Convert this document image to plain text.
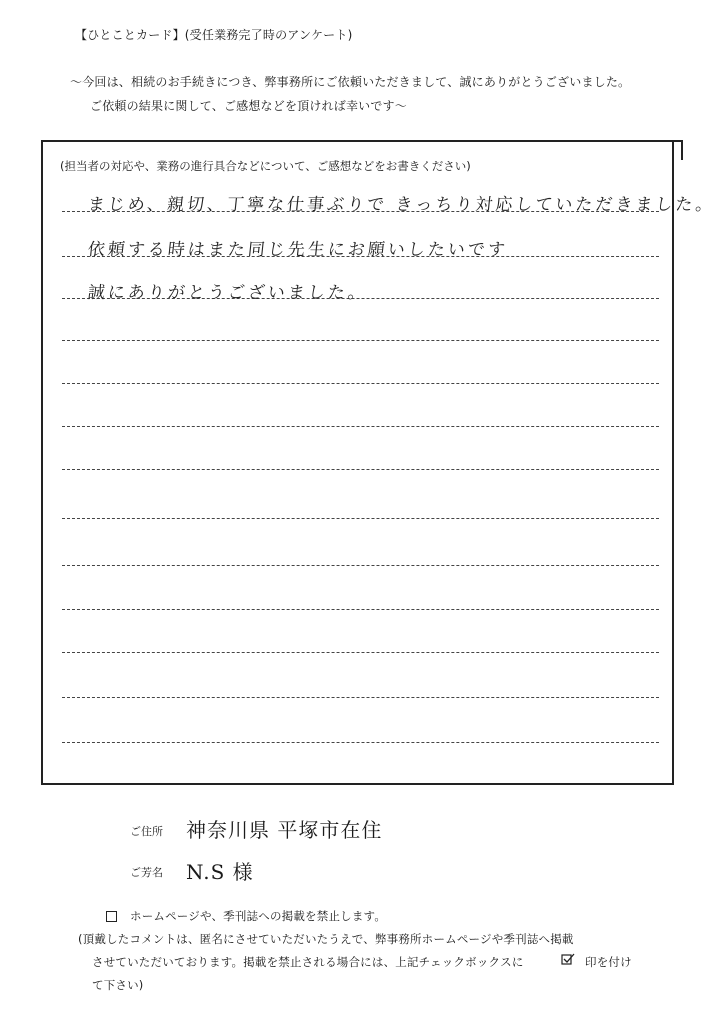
【ひとことカード】(受任業務完了時のアンケート)
～今回は、相続のお手続きにつき、弊事務所にご依頼いただきまして、誠にありがとうございました。
ご依頼の結果に関して、ご感想などを頂ければ幸いです～
(担当者の対応や、業務の進行具合などについて、ご感想などをお書きください)
まじめ、親切、丁寧な仕事ぶりで きっちり対応していただきました。
依頼する時はまた同じ先生にお願いしたいです
誠にありがとうございました。
ご住所 神奈川県 平塚市在住
ご芳名 N.S 様
ホームページや、季刊誌への掲載を禁止します。
(頂戴したコメントは、匿名にさせていただいたうえで、弊事務所ホームページや季刊誌へ掲載
させていただいております。掲載を禁止される場合には、上記チェックボックスに	印を付け
て下さい)
